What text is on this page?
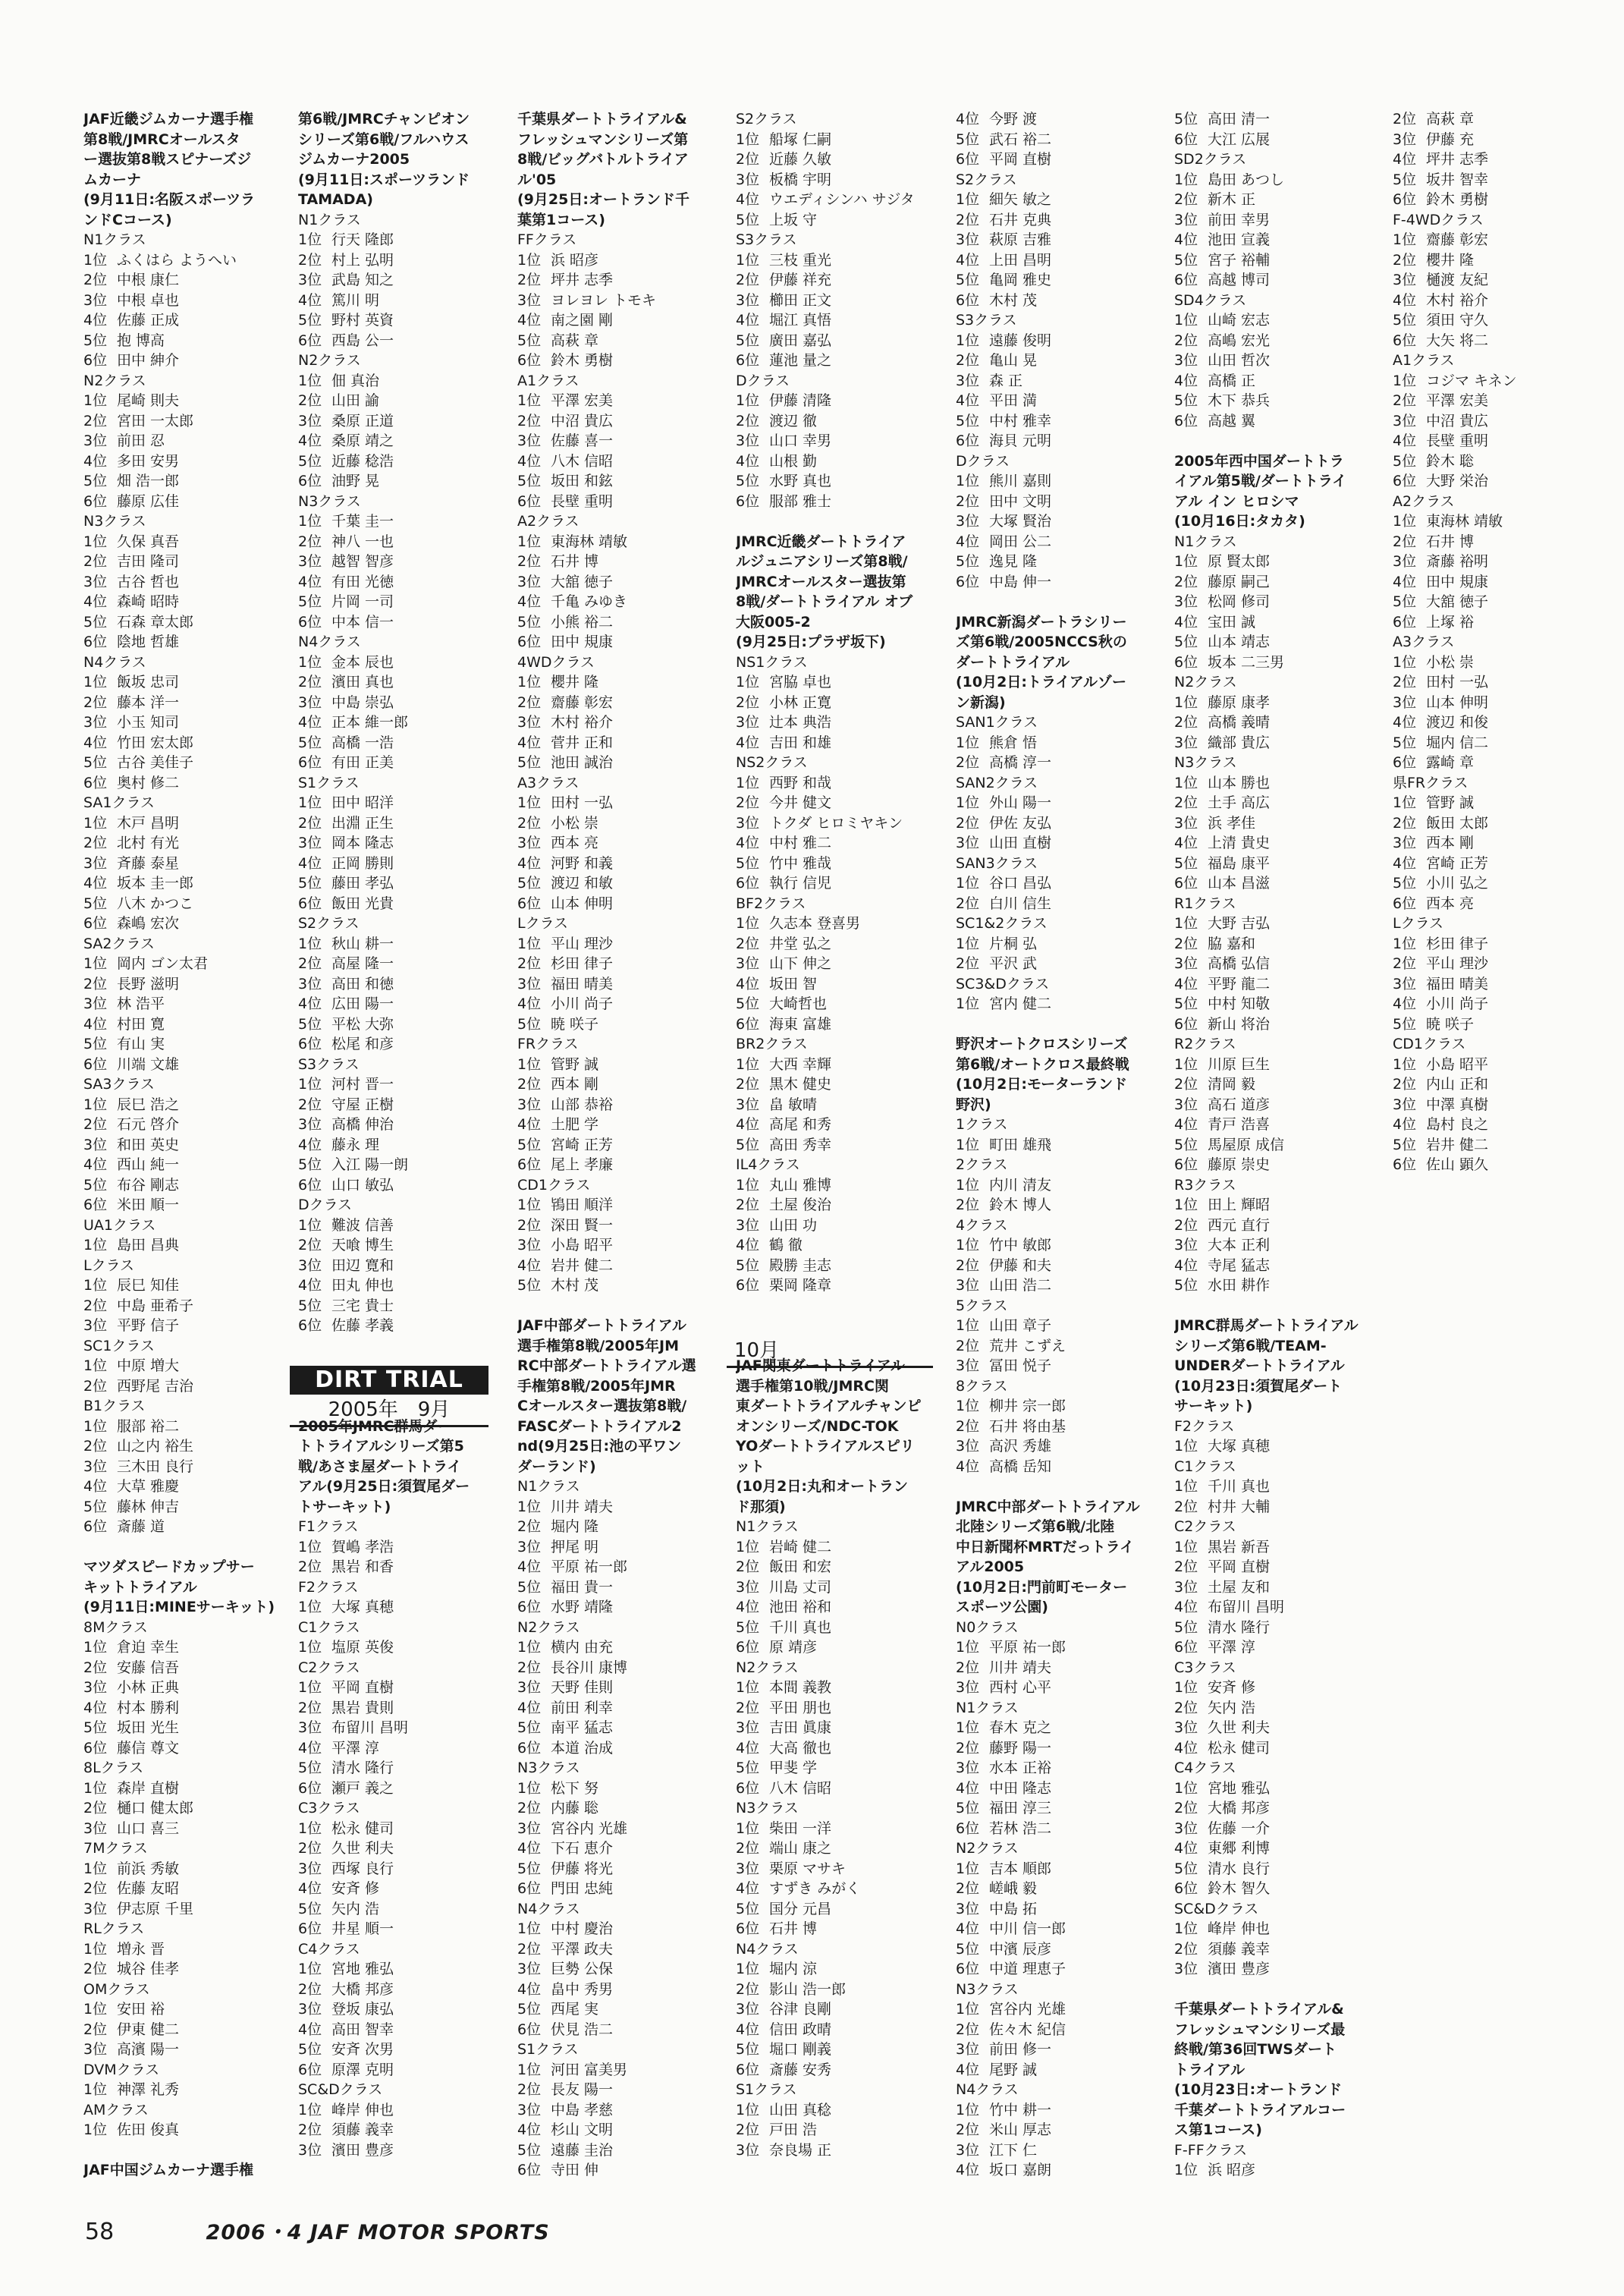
JAF近畿ジムカーナ選手権
第8戦/JMRCオールスタ
ー選抜第8戦スピナーズジ
ムカーナ
(9月11日:名阪スポーツラ
ンドCコース)
N1クラス
1位 ふくはら ようへい
2位 中根 康仁
3位 中根 卓也
4位 佐藤 正成
5位 抱 博高
6位 田中 紳介
N2クラス
1位 尾崎 則夫
2位 宮田 一太郎
3位 前田 忍
4位 多田 安男
5位 畑 浩一郎
6位 藤原 広佳
N3クラス
1位 久保 真吾
2位 吉田 隆司
3位 古谷 哲也
4位 森崎 昭時
5位 石森 章太郎
6位 陰地 哲雄
N4クラス
1位 飯坂 忠司
2位 藤本 洋一
3位 小玉 知司
4位 竹田 宏太郎
5位 古谷 美佳子
6位 奥村 修二
SA1クラス
1位 木戸 昌明
2位 北村 有光
3位 斉藤 泰星
4位 坂本 圭一郎
5位 八木 かつこ
6位 森嶋 宏次
SA2クラス
1位 岡内 ゴン太君
2位 長野 滋明
3位 林 浩平
4位 村田 寛
5位 有山 実
6位 川端 文雄
SA3クラス
1位 辰巳 浩之
2位 石元 啓介
3位 和田 英史
4位 西山 純一
5位 布谷 剛志
6位 米田 順一
UA1クラス
1位 島田 昌典
Lクラス
1位 辰巳 知佳
2位 中島 亜希子
3位 平野 信子
SC1クラス
1位 中原 増大
2位 西野尾 吉治
B1クラス
1位 服部 裕二
2位 山之内 裕生
3位 三木田 良行
4位 大草 雅慶
5位 藤林 伸吉
6位 斎藤 道
マツダスピードカップサー
キットトライアル
(9月11日:MINEサーキット)
8Mクラス
1位 倉迫 幸生
2位 安藤 信吾
3位 小林 正典
4位 村本 勝利
5位 坂田 光生
6位 藤信 尊文
8Lクラス
1位 森岸 直樹
2位 樋口 健太郎
3位 山口 喜三
7Mクラス
1位 前浜 秀敏
2位 佐藤 友昭
3位 伊志原 千里
RLクラス
1位 増永 晋
2位 城谷 佳孝
OMクラス
1位 安田 裕
2位 伊東 健二
3位 高濱 陽一
DVMクラス
1位 神澤 礼秀
AMクラス
1位 佐田 俊真
JAF中国ジムカーナ選手権
第6戦/JMRCチャンピオン
シリーズ第6戦/フルハウス
ジムカーナ2005
(9月11日:スポーツランド
TAMADA)
N1クラス
1位 行天 隆郎
2位 村上 弘明
3位 武島 知之
4位 篤川 明
5位 野村 英資
6位 西島 公一
N2クラス
1位 佃 真治
2位 山田 諭
3位 桑原 正道
4位 桑原 靖之
5位 近藤 稔浩
6位 油野 晃
N3クラス
1位 千葉 圭一
2位 神八 一也
3位 越智 智彦
4位 有田 光徳
5位 片岡 一司
6位 中本 信一
N4クラス
1位 金本 辰也
2位 濱田 真也
3位 中島 崇弘
4位 正本 維一郎
5位 高橋 一浩
6位 有田 正美
S1クラス
1位 田中 昭洋
2位 出淵 正生
3位 岡本 隆志
4位 正岡 勝則
5位 藤田 孝弘
6位 飯田 光貴
S2クラス
1位 秋山 耕一
2位 高屋 隆一
3位 高田 和徳
4位 広田 陽一
5位 平松 大弥
6位 松尾 和彦
S3クラス
1位 河村 晋一
2位 守屋 正樹
3位 高橋 伸治
4位 藤永 理
5位 入江 陽一朗
6位 山口 敏弘
Dクラス
1位 難波 信善
2位 天喰 博生
3位 田辺 寛和
4位 田丸 伸也
5位 三宅 貴士
6位 佐藤 孝義
2005年JMRC群馬ダー
トトライアルシリーズ第5
戦/あさま屋ダートトライ
アル(9月25日:須賀尾ダー
トサーキット)
F1クラス
1位 賀嶋 孝浩
2位 黒岩 和香
F2クラス
1位 大塚 真穂
C1クラス
1位 塩原 英俊
C2クラス
1位 平岡 直樹
2位 黒岩 貴則
3位 布留川 昌明
4位 平澤 淳
5位 清水 隆行
6位 瀬戸 義之
C3クラス
1位 松永 健司
2位 久世 利夫
3位 西塚 良行
4位 安斉 修
5位 矢内 浩
6位 井星 順一
C4クラス
1位 宮地 雅弘
2位 大橋 邦彦
3位 登坂 康弘
4位 高田 智幸
5位 安斉 次男
6位 原澤 克明
SC&Dクラス
1位 峰岸 伸也
2位 須藤 義幸
3位 濱田 豊彦
千葉県ダートトライアル&
フレッシュマンシリーズ第
8戦/ビッグバトルトライア
ル'05
(9月25日:オートランド千
葉第1コース)
FFクラス
1位 浜 昭彦
2位 坪井 志季
3位 ヨレヨレ トモキ
4位 南之園 剛
5位 高萩 章
6位 鈴木 勇樹
A1クラス
1位 平澤 宏美
2位 中沼 貴広
3位 佐藤 喜一
4位 八木 信昭
5位 坂田 和鉉
6位 長壁 重明
A2クラス
1位 東海林 靖敏
2位 石井 博
3位 大舘 徳子
4位 千亀 みゆき
5位 小熊 裕二
6位 田中 規康
4WDクラス
1位 櫻井 隆
2位 齋藤 彰宏
3位 木村 裕介
4位 菅井 正和
5位 池田 誠治
A3クラス
1位 田村 一弘
2位 小松 崇
3位 西本 亮
4位 河野 和義
5位 渡辺 和敏
6位 山本 伸明
Lクラス
1位 平山 理沙
2位 杉田 律子
3位 福田 晴美
4位 小川 尚子
5位 暁 咲子
FRクラス
1位 管野 誠
2位 西本 剛
3位 山部 恭裕
4位 土肥 学
5位 宮崎 正芳
6位 尾上 孝廉
CD1クラス
1位 鴇田 順洋
2位 深田 賢一
3位 小島 昭平
4位 岩井 健二
5位 木村 茂
JAF中部ダートトライアル
選手権第8戦/2005年JM
RC中部ダートトライアル選
手権第8戦/2005年JMR
Cオールスター選抜第8戦/
FASCダートトライアル2
nd(9月25日:池の平ワン
ダーランド)
N1クラス
1位 川井 靖夫
2位 堀内 隆
3位 押尾 明
4位 平原 祐一郎
5位 福田 貴一
6位 水野 靖隆
N2クラス
1位 横内 由充
2位 長谷川 康博
3位 天野 佳則
4位 前田 利幸
5位 南平 猛志
6位 本道 治成
N3クラス
1位 松下 努
2位 内藤 聡
3位 宮谷内 光雄
4位 下石 恵介
5位 伊藤 将光
6位 門田 忠純
N4クラス
1位 中村 慶治
2位 平澤 政夫
3位 巨勢 公保
4位 畠中 秀男
5位 西尾 実
6位 伏見 浩二
S1クラス
1位 河田 富美男
2位 長友 陽一
3位 中島 孝慈
4位 杉山 文明
5位 遠藤 圭治
6位 寺田 伸
S2クラス
1位 船塚 仁嗣
2位 近藤 久敏
3位 板橋 宇明
4位 ウエディシンハ サジタ
5位 上坂 守
S3クラス
1位 三枝 重光
2位 伊藤 祥充
3位 櫛田 正文
4位 堀江 真悟
5位 廣田 嘉弘
6位 蓮池 量之
Dクラス
1位 伊藤 清隆
2位 渡辺 徹
3位 山口 幸男
4位 山根 勤
5位 水野 真也
6位 服部 雅士
JMRC近畿ダートトライア
ルジュニアシリーズ第8戦/
JMRCオールスター選抜第
8戦/ダートトライアル オブ
大阪005-2
(9月25日:プラザ坂下)
NS1クラス
1位 宮脇 卓也
2位 小林 正寛
3位 辻本 典浩
4位 吉田 和雄
NS2クラス
1位 西野 和哉
2位 今井 健文
3位 トクダ ヒロミヤキン
4位 中村 雅二
5位 竹中 雅哉
6位 執行 信児
BF2クラス
1位 久志本 登喜男
2位 井堂 弘之
3位 山下 伸之
4位 坂田 智
5位 大崎哲也
6位 海東 富雄
BR2クラス
1位 大西 幸輝
2位 黒木 健史
3位 畠 敏晴
4位 高尾 和秀
5位 高田 秀幸
IL4クラス
1位 丸山 雅博
2位 土屋 俊治
3位 山田 功
4位 鶴 徹
5位 殿勝 圭志
6位 栗岡 隆章
JAF関東ダートトライアル
選手権第10戦/JMRC関
東ダートトライアルチャンピ
オンシリーズ/NDC-TOK
YOダートトライアルスピリ
ット
(10月2日:丸和オートラン
ド那須)
N1クラス
1位 岩崎 健二
2位 飯田 和宏
3位 川島 丈司
4位 池田 裕和
5位 千川 真也
6位 原 靖彦
N2クラス
1位 本間 義教
2位 平田 朋也
3位 吉田 眞康
4位 大高 徹也
5位 甲斐 学
6位 八木 信昭
N3クラス
1位 柴田 一洋
2位 端山 康之
3位 栗原 マサキ
4位 すずき みがく
5位 国分 元昌
6位 石井 博
N4クラス
1位 堀内 涼
2位 影山 浩一郎
3位 谷津 良剛
4位 信田 政晴
5位 堀口 剛義
6位 斎藤 安秀
S1クラス
1位 山田 真稔
2位 戸田 浩
3位 奈良場 正
4位 今野 渡
5位 武石 裕二
6位 平岡 直樹
S2クラス
1位 細矢 敏之
2位 石井 克典
3位 萩原 吉雅
4位 上田 昌明
5位 亀岡 雅史
6位 木村 茂
S3クラス
1位 遠藤 俊明
2位 亀山 晃
3位 森 正
4位 平田 満
5位 中村 雅幸
6位 海貝 元明
Dクラス
1位 熊川 嘉則
2位 田中 文明
3位 大塚 賢治
4位 岡田 公二
5位 逸見 隆
6位 中島 伸一
JMRC新潟ダートラシリー
ズ第6戦/2005NCCS秋の
ダートトライアル
(10月2日:トライアルゾー
ン新潟)
SAN1クラス
1位 熊倉 悟
2位 高橋 淳一
SAN2クラス
1位 外山 陽一
2位 伊佐 友弘
3位 山田 直樹
SAN3クラス
1位 谷口 昌弘
2位 白川 信生
SC1&2クラス
1位 片桐 弘
2位 平沢 武
SC3&Dクラス
1位 宮内 健二
野沢オートクロスシリーズ
第6戦/オートクロス最終戦
(10月2日:モーターランド
野沢)
1クラス
1位 町田 雄飛
2クラス
1位 内川 清友
2位 鈴木 博人
4クラス
1位 竹中 敏郎
2位 伊藤 和夫
3位 山田 浩二
5クラス
1位 山田 章子
2位 荒井 こずえ
3位 冨田 悦子
8クラス
1位 柳井 宗一郎
2位 石井 将由基
3位 高沢 秀雄
4位 高橋 岳知
JMRC中部ダートトライアル
北陸シリーズ第6戦/北陸
中日新聞杯MRTだっトライ
アル2005
(10月2日:門前町モーター
スポーツ公園)
N0クラス
1位 平原 祐一郎
2位 川井 靖夫
3位 西村 心平
N1クラス
1位 春木 克之
2位 藤野 陽一
3位 水本 正裕
4位 中田 隆志
5位 福田 淳三
6位 若林 浩二
N2クラス
1位 吉本 順郎
2位 嵯峨 毅
3位 中島 拓
4位 中川 信一郎
5位 中濱 辰彦
6位 中道 理恵子
N3クラス
1位 宮谷内 光雄
2位 佐々木 紀信
3位 前田 修一
4位 尾野 誠
N4クラス
1位 竹中 耕一
2位 米山 厚志
3位 江下 仁
4位 坂口 嘉朗
5位 高田 清一
6位 大江 広展
SD2クラス
1位 島田 あつし
2位 新木 正
3位 前田 幸男
4位 池田 宣義
5位 宮子 裕輔
6位 高越 博司
SD4クラス
1位 山崎 宏志
2位 高嶋 宏光
3位 山田 哲次
4位 高橋 正
5位 木下 恭兵
6位 高越 翼
2005年西中国ダートトラ
イアル第5戦/ダートトライ
アル イン ヒロシマ
(10月16日:タカタ)
N1クラス
1位 原 賢太郎
2位 藤原 嗣己
3位 松岡 修司
4位 宝田 誠
5位 山本 靖志
6位 坂本 二三男
N2クラス
1位 藤原 康孝
2位 高橋 義晴
3位 織部 貴広
N3クラス
1位 山本 勝也
2位 土手 高広
3位 浜 孝佳
4位 上清 貴史
5位 福島 康平
6位 山本 昌滋
R1クラス
1位 大野 吉弘
2位 脇 嘉和
3位 高橋 弘信
4位 平野 龍二
5位 中村 知敬
6位 新山 将治
R2クラス
1位 川原 巨生
2位 清岡 毅
3位 高石 道彦
4位 青戸 浩喜
5位 馬屋原 成信
6位 藤原 崇史
R3クラス
1位 田上 輝昭
2位 西元 直行
3位 大本 正利
4位 寺尾 猛志
5位 水田 耕作
JMRC群馬ダートトライアル
シリーズ第6戦/TEAM-
UNDERダートトライアル
(10月23日:須賀尾ダート
サーキット)
F2クラス
1位 大塚 真穂
C1クラス
1位 千川 真也
2位 村井 大輔
C2クラス
1位 黒岩 新吾
2位 平岡 直樹
3位 土屋 友和
4位 布留川 昌明
5位 清水 隆行
6位 平澤 淳
C3クラス
1位 安斉 修
2位 矢内 浩
3位 久世 利夫
4位 松永 健司
C4クラス
1位 宮地 雅弘
2位 大橋 邦彦
3位 佐藤 一介
4位 東郷 利博
5位 清水 良行
6位 鈴木 智久
SC&Dクラス
1位 峰岸 伸也
2位 須藤 義幸
3位 濱田 豊彦
千葉県ダートトライアル&
フレッシュマンシリーズ最
終戦/第36回TWSダート
トライアル
(10月23日:オートランド
千葉ダートトライアルコー
ス第1コース)
F-FFクラス
1位 浜 昭彦
2位 高萩 章
3位 伊藤 充
4位 坪井 志季
5位 坂井 智幸
6位 鈴木 勇樹
F-4WDクラス
1位 齋藤 彰宏
2位 櫻井 隆
3位 樋渡 友紀
4位 木村 裕介
5位 須田 守久
6位 大矢 将二
A1クラス
1位 コジマ キネン
2位 平澤 宏美
3位 中沼 貴広
4位 長壁 重明
5位 鈴木 聡
6位 大野 栄治
A2クラス
1位 東海林 靖敏
2位 石井 博
3位 斎藤 裕明
4位 田中 規康
5位 大舘 徳子
6位 上塚 裕
A3クラス
1位 小松 崇
2位 田村 一弘
3位 山本 伸明
4位 渡辺 和俊
5位 堀内 信二
6位 露崎 章
県FRクラス
1位 管野 誠
2位 飯田 太郎
3位 西本 剛
4位 宮崎 正芳
5位 小川 弘之
6位 西本 亮
Lクラス
1位 杉田 律子
2位 平山 理沙
3位 福田 晴美
4位 小川 尚子
5位 暁 咲子
CD1クラス
1位 小島 昭平
2位 内山 正和
3位 中澤 真樹
4位 島村 良之
5位 岩井 健二
6位 佐山 顕久
DIRT TRIAL
2005年　9月
10月
58	2006・4 JAF MOTOR SPORTS
